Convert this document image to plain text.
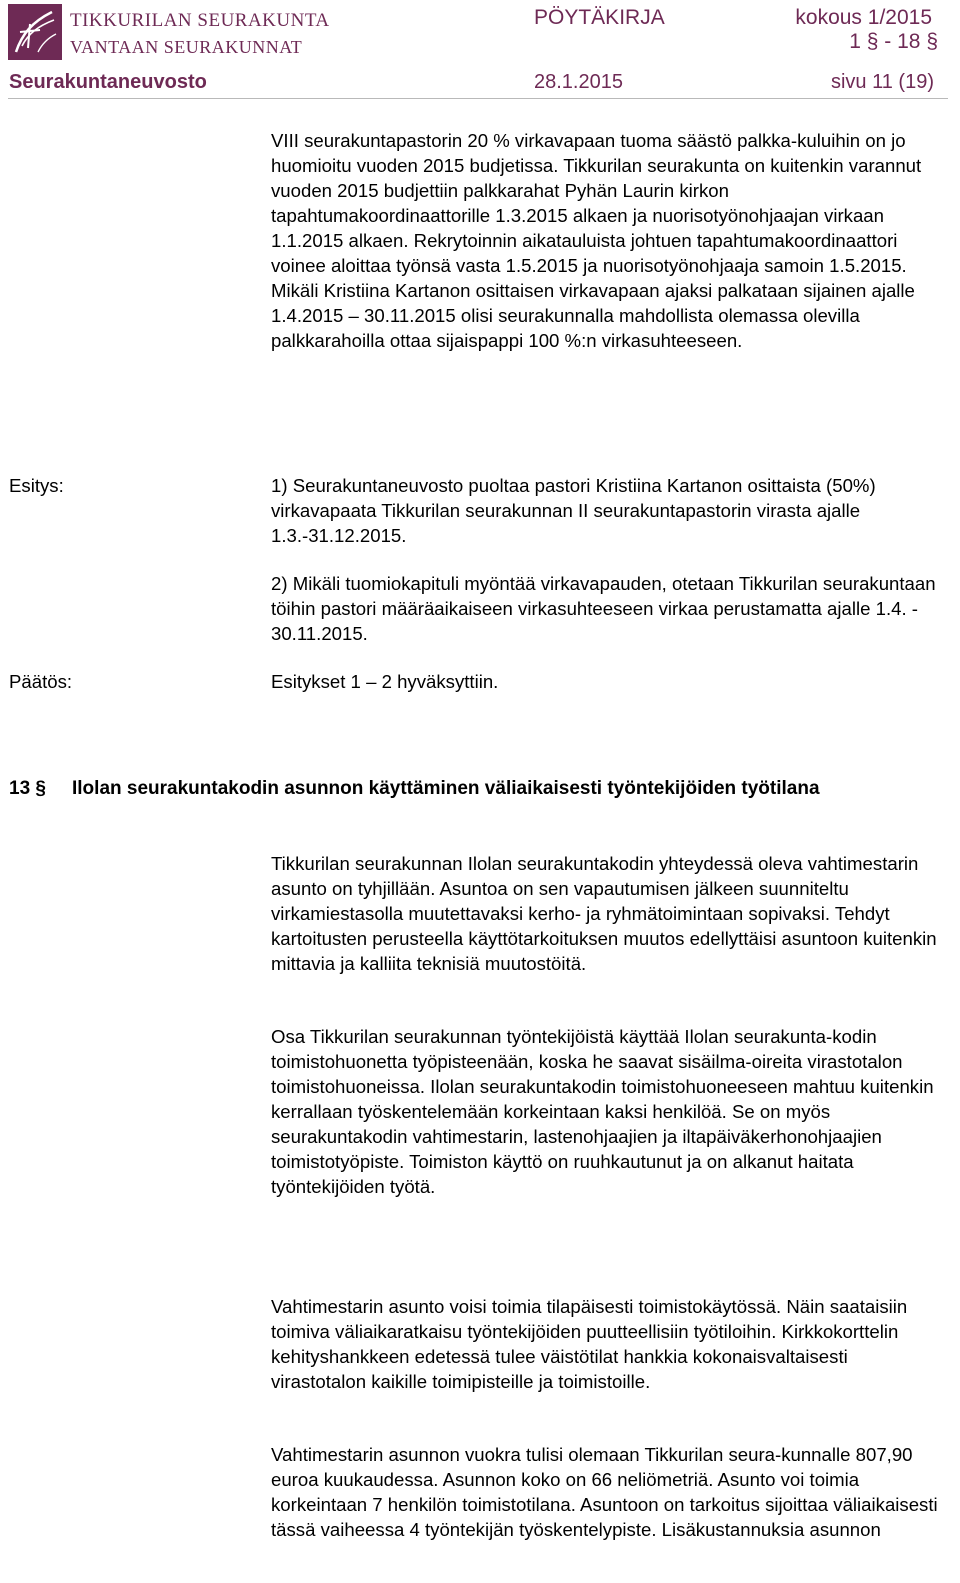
TIKKURILAN SEURAKUNTA
VANTAAN SEURAKUNNAT
PÖYTÄKIRJA	kokous 1/2015
1 § - 18 §
Seurakuntaneuvosto	28.1.2015	sivu 11 (19)

VIII seurakuntapastorin 20 % virkavapaan tuoma säästö palkka-kuluihin on jo huomioitu vuoden 2015 budjetissa. Tikkurilan seurakunta on kuitenkin varannut vuoden 2015 budjettiin palkkarahat Pyhän Laurin kirkon tapahtumakoordinaattorille 1.3.2015 alkaen ja nuorisotyönohjaajan virkaan 1.1.2015 alkaen. Rekrytoinnin aikatauluista johtuen tapahtumakoordinaattori voinee aloittaa työnsä vasta 1.5.2015 ja nuorisotyönohjaaja samoin 1.5.2015. Mikäli Kristiina Kartanon osittaisen virkavapaan ajaksi palkataan sijainen ajalle 1.4.2015 – 30.11.2015 olisi seurakunnalla mahdollista olemassa olevilla palkkarahoilla ottaa sijaispappi 100 %:n virkasuhteeseen.

Esitys:	1) Seurakuntaneuvosto puoltaa pastori Kristiina Kartanon osittaista (50%) virkavapaata Tikkurilan seurakunnan II seurakuntapastorin virasta ajalle 1.3.-31.12.2015.

2) Mikäli tuomiokapituli myöntää virkavapauden, otetaan Tikkurilan seurakuntaan töihin pastori määräaikaiseen virkasuhteeseen virkaa perustamatta ajalle 1.4. - 30.11.2015.

Päätös:	Esitykset 1 – 2 hyväksyttiin.

13 § Ilolan seurakuntakodin asunnon käyttäminen väliaikaisesti työntekijöiden työtilana

Tikkurilan seurakunnan Ilolan seurakuntakodin yhteydessä oleva vahtimestarin asunto on tyhjillään. Asuntoa on sen vapautumisen jälkeen suunniteltu virkamiestasolla muutettavaksi kerho- ja ryhmätoimintaan sopivaksi. Tehdyt kartoitusten perusteella käyttötarkoituksen muutos edellyttäisi asuntoon kuitenkin mittavia ja kalliita teknisiä muutostöitä.

Osa Tikkurilan seurakunnan työntekijöistä käyttää Ilolan seurakunta-kodin toimistohuonetta työpisteenään, koska he saavat sisäilma-oireita virastotalon toimistohuoneissa. Ilolan seurakuntakodin toimistohuoneeseen mahtuu kuitenkin kerrallaan työskentelemään korkeintaan kaksi henkilöä. Se on myös seurakuntakodin vahtimestarin, lastenohjaajien ja iltapäiväkerhonohjaajien toimistotyöpiste. Toimiston käyttö on ruuhkautunut ja on alkanut haitata työntekijöiden työtä.

Vahtimestarin asunto voisi toimia tilapäisesti toimistokäytössä. Näin saataisiin toimiva väliaikaratkaisu työntekijöiden puutteellisiin työtiloihin. Kirkkokorttelin kehityshankkeen edetessä tulee väistötilat hankkia kokonaisvaltaisesti virastotalon kaikille toimipisteille ja toimistoille.

Vahtimestarin asunnon vuokra tulisi olemaan Tikkurilan seura-kunnalle 807,90 euroa kuukaudessa. Asunnon koko on 66 neliömetriä. Asunto voi toimia korkeintaan 7 henkilön toimistotilana. Asuntoon on tarkoitus sijoittaa väliaikaisesti tässä vaiheessa 4 työntekijän työskentelypiste. Lisäkustannuksia asunnon
